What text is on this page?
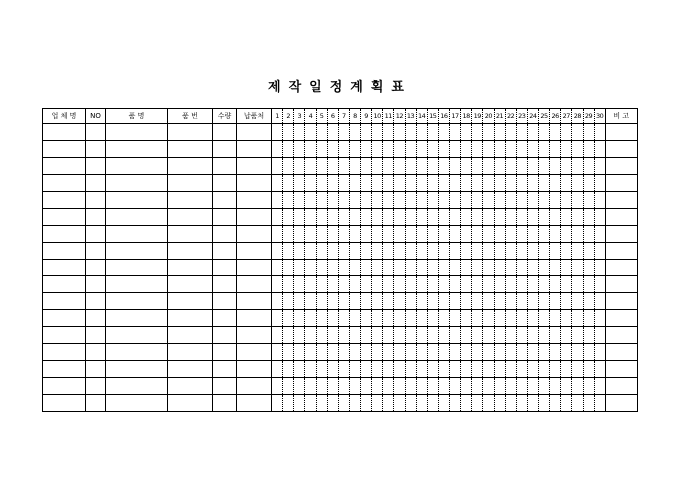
제작일정계획표
업 체 명	NO	품 명	품 번	수량	납품처	1	2	3	4	5	6	7	8	9	10	11	12	13	14	15	16	17	18	19	20	21	22	23	24	25	26	27	28	29	30	비 고
